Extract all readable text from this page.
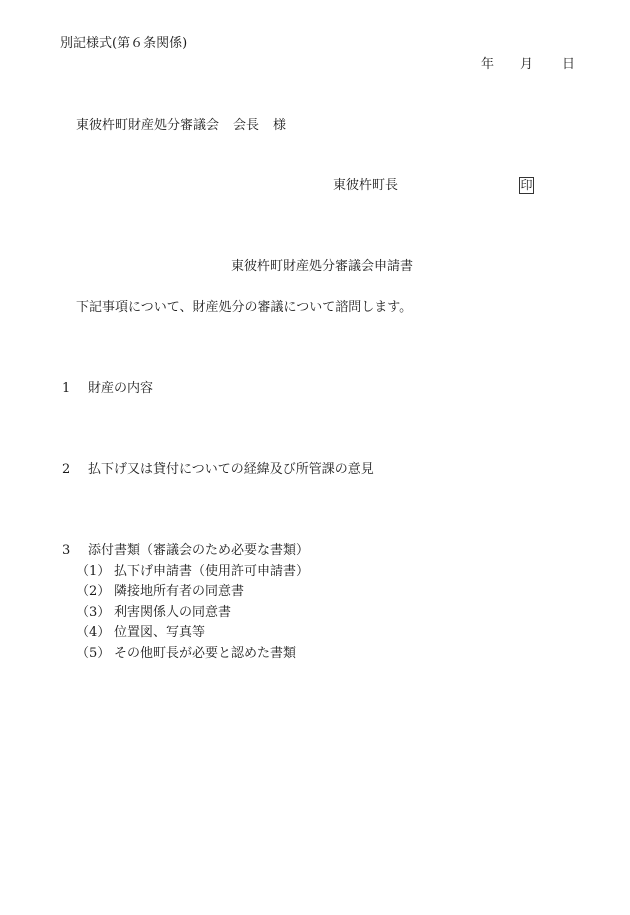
別記様式(第６条関係)
年 月 日
東彼杵町財産処分審議会 会長 様
東彼杵町長	印
東彼杵町財産処分審議会申請書
下記事項について、財産処分の審議について諮問します。
1 財産の内容
2 払下げ又は貸付についての経緯及び所管課の意見
3 添付書類（審議会のため必要な書類）
（1） 払下げ申請書（使用許可申請書）
（2） 隣接地所有者の同意書
（3） 利害関係人の同意書
（4） 位置図、写真等
（5） その他町長が必要と認めた書類
